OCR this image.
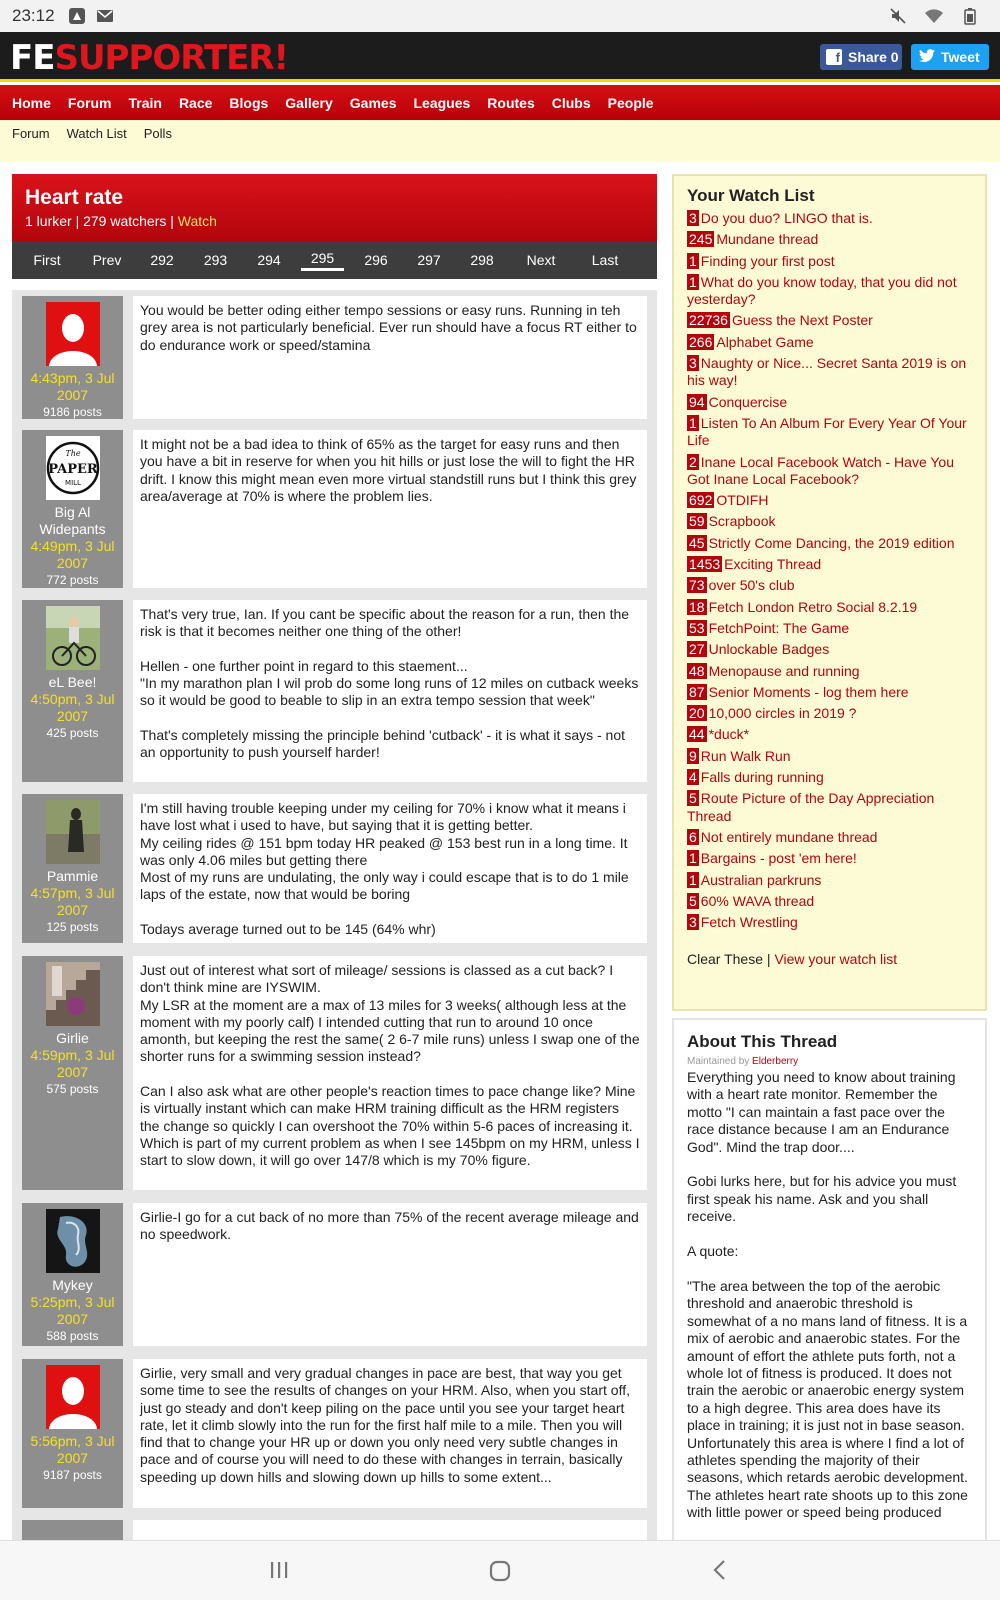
23:12
FESUPPORTER!	f Share 0	Tweet
Home Forum Train Race Blogs Gallery Games Leagues Routes Clubs People
Forum Watch List Polls
Heart rate
1 lurker | 279 watchers | Watch
First	Prev	292	293	294	295	296	297	298	Next	Last
4:43pm, 3 Jul 2007
9186 posts
You would be better oding either tempo sessions or easy runs. Running in teh grey area is not particularly beneficial. Ever run should have a focus RT either to do endurance work or speed/stamina
The
PAPER
MILL
Big Al Widepants
4:49pm, 3 Jul 2007
772 posts
It might not be a bad idea to think of 65% as the target for easy runs and then you have a bit in reserve for when you hit hills or just lose the will to fight the HR drift. I know this might mean even more virtual standstill runs but I think this grey area/average at 70% is where the problem lies.
eL Bee!
4:50pm, 3 Jul 2007
425 posts
That's very true, Ian. If you cant be specific about the reason for a run, then the risk is that it becomes neither one thing of the other!

Hellen - one further point in regard to this staement...
"In my marathon plan I wil prob do some long runs of 12 miles on cutback weeks so it would be good to beable to slip in an extra tempo session that week"

That's completely missing the principle behind 'cutback' - it is what it says - not an opportunity to push yourself harder!
Pammie
4:57pm, 3 Jul 2007
125 posts
I'm still having trouble keeping under my ceiling for 70% i know what it means i have lost what i used to have, but saying that it is getting better.
My ceiling rides @ 151 bpm today HR peaked @ 153 best run in a long time. It was only 4.06 miles but getting there
Most of my runs are undulating, the only way i could escape that is to do 1 mile laps of the estate, now that would be boring

Todays average turned out to be 145 (64% whr)
Girlie
4:59pm, 3 Jul 2007
575 posts
Just out of interest what sort of mileage/ sessions is classed as a cut back? I don't think mine are IYSWIM.
My LSR at the moment are a max of 13 miles for 3 weeks( although less at the moment with my poorly calf) I intended cutting that run to around 10 once amonth, but keeping the rest the same( 2 6-7 mile runs) unless I swap one of the shorter runs for a swimming session instead?

Can I also ask what are other people's reaction times to pace change like? Mine is virtually instant which can make HRM training difficult as the HRM registers the change so quickly I can overshoot the 70% within 5-6 paces of increasing it. Which is part of my current problem as when I see 145bpm on my HRM, unless I start to slow down, it will go over 147/8 which is my 70% figure.
Mykey
5:25pm, 3 Jul 2007
588 posts
Girlie-I go for a cut back of no more than 75% of the recent average mileage and no speedwork.
5:56pm, 3 Jul 2007
9187 posts
Girlie, very small and very gradual changes in pace are best, that way you get some time to see the results of changes on your HRM. Also, when you start off, just go steady and don't keep piling on the pace until you see your target heart rate, let it climb slowly into the run for the first half mile to a mile. Then you will find that to change your HR up or down you only need very subtle changes in pace and of course you will need to do these with changes in terrain, basically speeding up down hills and slowing down up hills to some extent...
Your Watch List
3 Do you duo? LINGO that is.
245 Mundane thread
1 Finding your first post
1 What do you know today, that you did not yesterday?
22736 Guess the Next Poster
266 Alphabet Game
3 Naughty or Nice... Secret Santa 2019 is on his way!
94 Conquercise
1 Listen To An Album For Every Year Of Your Life
2 Inane Local Facebook Watch - Have You Got Inane Local Facebook?
692 OTDIFH
59 Scrapbook
45 Strictly Come Dancing, the 2019 edition
1453 Exciting Thread
73 over 50's club
18 Fetch London Retro Social 8.2.19
53 FetchPoint: The Game
27 Unlockable Badges
48 Menopause and running
87 Senior Moments - log them here
20 10,000 circles in 2019 ?
44 *duck*
9 Run Walk Run
4 Falls during running
5 Route Picture of the Day Appreciation Thread
6 Not entirely mundane thread
1 Bargains - post 'em here!
1 Australian parkruns
5 60% WAVA thread
3 Fetch Wrestling
Clear These | View your watch list
About This Thread
Maintained by Elderberry
Everything you need to know about training with a heart rate monitor. Remember the motto "I can maintain a fast pace over the race distance because I am an Endurance God". Mind the trap door....

Gobi lurks here, but for his advice you must first speak his name. Ask and you shall receive.

A quote:

"The area between the top of the aerobic threshold and anaerobic threshold is somewhat of a no mans land of fitness. It is a mix of aerobic and anaerobic states. For the amount of effort the athlete puts forth, not a whole lot of fitness is produced. It does not train the aerobic or anaerobic energy system to a high degree. This area does have its place in training; it is just not in base season. Unfortunately this area is where I find a lot of athletes spending the majority of their seasons, which retards aerobic development. The athletes heart rate shoots up to this zone with little power or speed being produced
